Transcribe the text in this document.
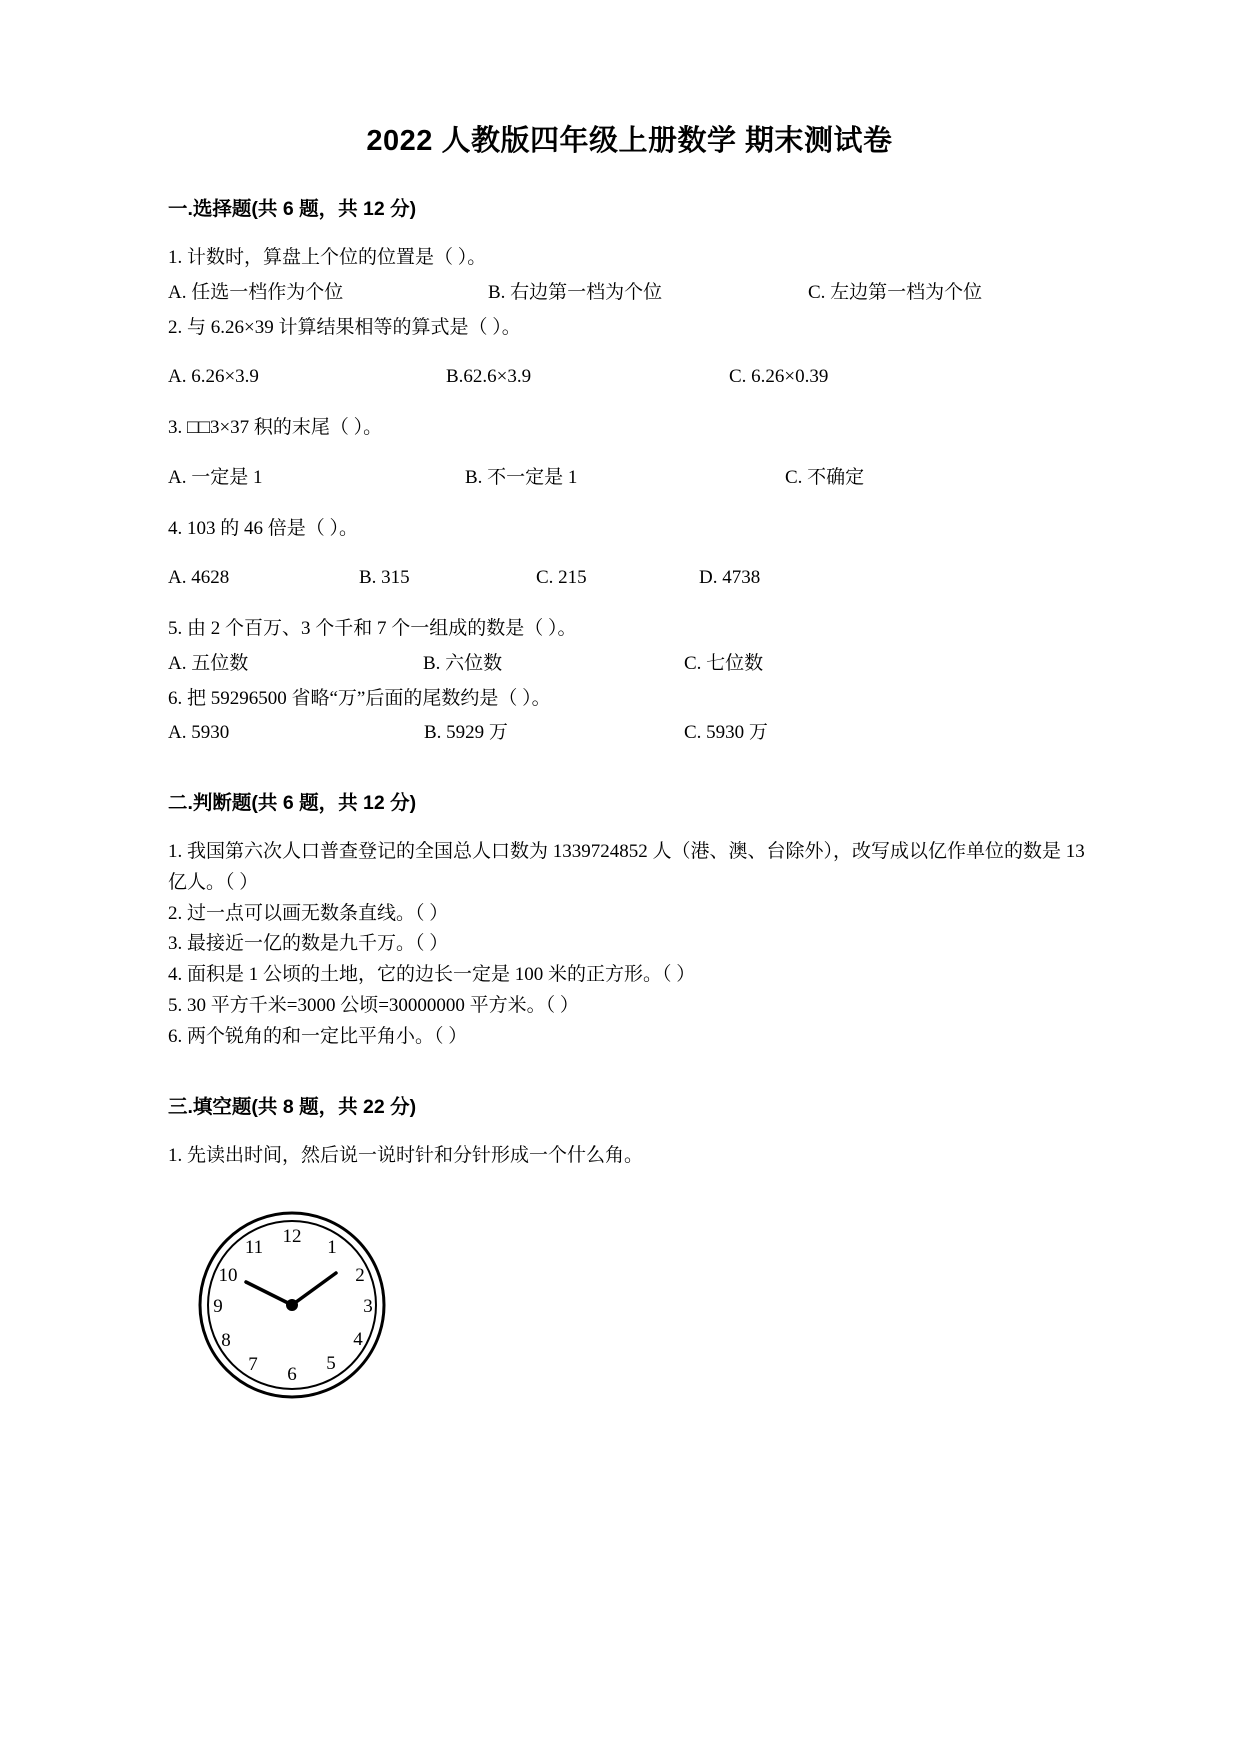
2022 人教版四年级上册数学 期末测试卷
一.选择题(共 6 题，共 12 分)
1. 计数时，算盘上个位的位置是（ ）。
A. 任选一档作为个位	B. 右边第一档为个位	C. 左边第一档为个位
2. 与 6.26×39 计算结果相等的算式是（ ）。
A. 6.26×3.9	B.62.6×3.9	C. 6.26×0.39
3. □□3×37 积的末尾（ ）。
A. 一定是 1	B. 不一定是 1	C. 不确定
4. 103 的 46 倍是（ ）。
A. 4628	B. 315	C. 215	D. 4738
5. 由 2 个百万、3 个千和 7 个一组成的数是（ ）。
A. 五位数	B. 六位数	C. 七位数
6. 把 59296500 省略“万”后面的尾数约是（ ）。
A. 5930	B. 5929 万	C. 5930 万
二.判断题(共 6 题，共 12 分)
1. 我国第六次人口普查登记的全国总人口数为 1339724852 人（港、澳、台除外），改写成以亿作单位的数是 13 亿人。（ ）
2. 过一点可以画无数条直线。（ ）
3. 最接近一亿的数是九千万。（ ）
4. 面积是 1 公顷的土地，它的边长一定是 100 米的正方形。（ ）
5. 30 平方千米=3000 公顷=30000000 平方米。（ ）
6. 两个锐角的和一定比平角小。（ ）
三.填空题(共 8 题，共 22 分)
1. 先读出时间，然后说一说时针和分针形成一个什么角。
12
1
2
3
4
5
6
7
8
9
10
11
